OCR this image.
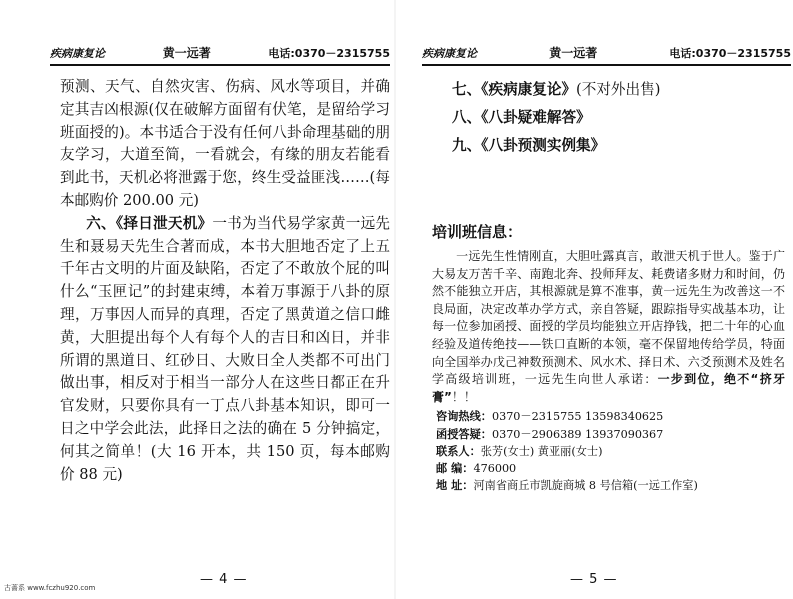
疾病康复论	黄一远著	电话:0370－2315755

预测、天气、自然灾害、伤病、风水等项目，并确定其吉凶根源(仅在破解方面留有伏笔，是留给学习班面授的)。本书适合于没有任何八卦命理基础的朋友学习，大道至简，一看就会，有缘的朋友若能看到此书，天机必将泄露于您，终生受益匪浅……(每本邮购价 200.00 元)

六、《择日泄天机》一书为当代易学家黄一远先生和聂易天先生合著而成，本书大胆地否定了上五千年古文明的片面及缺陷，否定了不敢放个屁的叫什么“玉匣记”的封建束缚，本着万事源于八卦的原理，万事因人而异的真理，否定了黑黄道之信口雌黄，大胆提出每个人有每个人的吉日和凶日，并非所谓的黑道日、红砂日、大败日全人类都不可出门做出事，相反对于相当一部分人在这些日都正在升官发财，只要你具有一丁点八卦基本知识，即可一日之中学会此法，此择日之法的确在 5 分钟搞定，何其之简单！(大 16 开本，共 150 页，每本邮购价 88 元)

— 4 —
疾病康复论	黄一远著	电话:0370－2315755

七、《疾病康复论》(不对外出售)

八、《八卦疑难解答》

九、《八卦预测实例集》

培训班信息：

一远先生性情刚直，大胆吐露真言，敢泄天机于世人。鉴于广大易友万苦千辛、南跑北奔、投师拜友、耗费诸多财力和时间，仍然不能独立开店，其根源就是算不准事，黄一远先生为改善这一不良局面，决定改革办学方式，亲自答疑，跟踪指导实战基本功，让每一位参加函授、面授的学员均能独立开店挣钱，把二十年的心血经验及道传绝技——铁口直断的本领，毫不保留地传给学员，特面向全国举办戊己神数预测术、风水术、择日术、六爻预测术及姓名学高级培训班，一远先生向世人承诺：一步到位，绝不“挤牙膏”！！

咨询热线：0370－2315755 13598340625
函授答疑：0370－2906389 13937090367
联系人：张芳(女士) 黄亚丽(女士)
邮 编：476000
地 址：河南省商丘市凯旋商城 8 号信箱(一远工作室)
— 5 —
古蔷系 www.fczhu920.com
